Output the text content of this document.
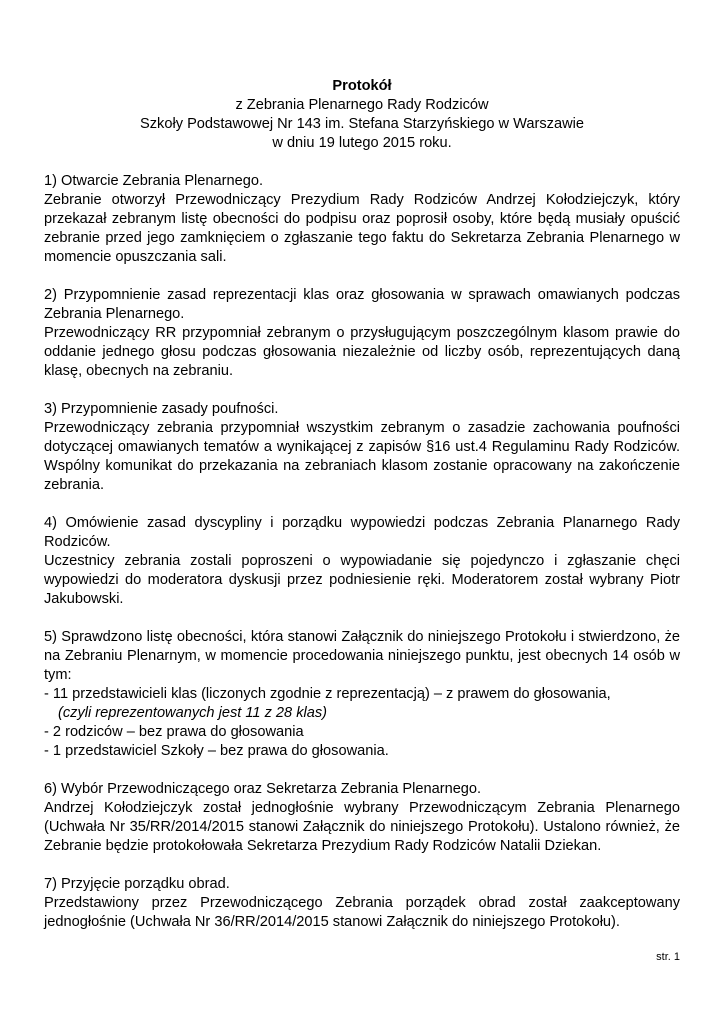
Protokół
z Zebrania Plenarnego Rady Rodziców
Szkoły Podstawowej Nr 143 im. Stefana Starzyńskiego w Warszawie
w dniu 19 lutego 2015 roku.
1) Otwarcie Zebrania Plenarnego.
Zebranie otworzył Przewodniczący Prezydium Rady Rodziców Andrzej Kołodziejczyk, który przekazał zebranym listę obecności do podpisu oraz poprosił osoby, które będą musiały opuścić zebranie przed jego zamknięciem o zgłaszanie tego faktu do Sekretarza Zebrania Plenarnego w momencie opuszczania sali.
2) Przypomnienie zasad reprezentacji klas oraz głosowania w sprawach omawianych podczas Zebrania Plenarnego.
Przewodniczący RR przypomniał zebranym o przysługującym poszczególnym klasom prawie do oddanie jednego głosu podczas głosowania niezależnie od liczby osób, reprezentujących daną klasę, obecnych na zebraniu.
3) Przypomnienie zasady poufności.
Przewodniczący zebrania przypomniał wszystkim zebranym o zasadzie zachowania poufności dotyczącej omawianych tematów a wynikającej z zapisów §16 ust.4 Regulaminu Rady Rodziców. Wspólny komunikat do przekazania na zebraniach klasom zostanie opracowany na zakończenie zebrania.
4) Omówienie zasad dyscypliny i porządku wypowiedzi podczas Zebrania Planarnego Rady Rodziców.
Uczestnicy zebrania zostali poproszeni o wypowiadanie się pojedynczo i zgłaszanie chęci wypowiedzi do moderatora dyskusji przez podniesienie ręki. Moderatorem został wybrany Piotr Jakubowski.
5) Sprawdzono listę obecności, która stanowi Załącznik do niniejszego Protokołu i stwierdzono, że na Zebraniu Plenarnym, w momencie procedowania niniejszego punktu, jest obecnych 14 osób w tym:
- 11 przedstawicieli klas (liczonych zgodnie z reprezentacją) – z prawem do głosowania,
(czyli reprezentowanych jest 11 z 28 klas)
- 2 rodziców – bez prawa do głosowania
- 1 przedstawiciel Szkoły – bez prawa do głosowania.
6) Wybór Przewodniczącego oraz Sekretarza Zebrania Plenarnego.
Andrzej Kołodziejczyk został jednogłośnie wybrany Przewodniczącym Zebrania Plenarnego (Uchwała Nr 35/RR/2014/2015 stanowi Załącznik do niniejszego Protokołu). Ustalono również, że Zebranie będzie protokołowała Sekretarza Prezydium Rady Rodziców Natalii Dziekan.
7) Przyjęcie porządku obrad.
Przedstawiony przez Przewodniczącego Zebrania porządek obrad został zaakceptowany jednogłośnie (Uchwała Nr 36/RR/2014/2015 stanowi Załącznik do niniejszego Protokołu).
str. 1
